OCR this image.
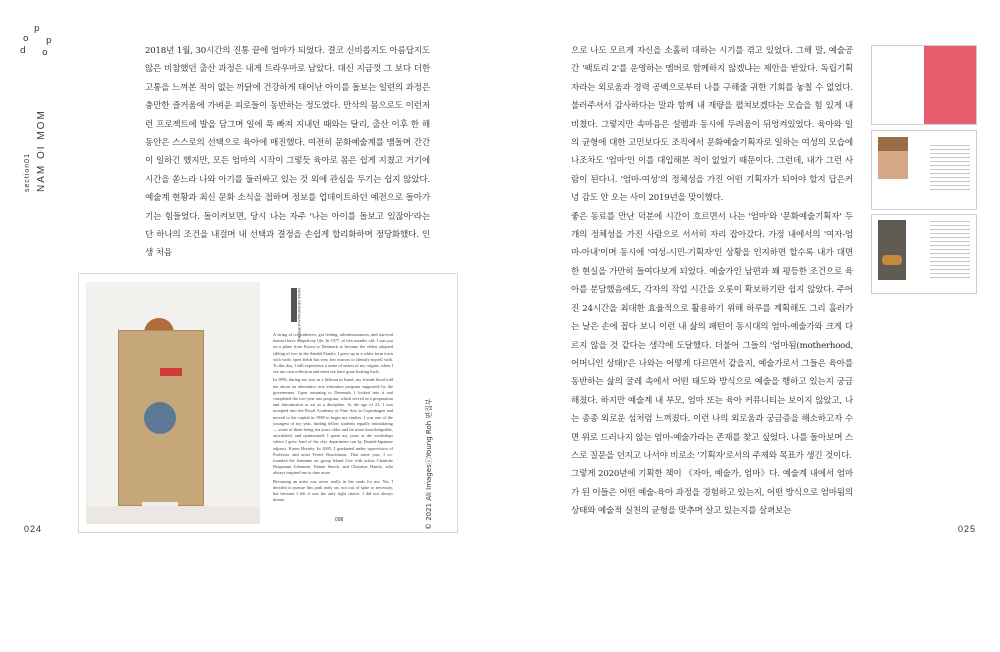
p
o p
d o
section01 NAM OI MOM

2018년 1월, 30시간의 진통 끝에 엄마가 되었다. 결코 신비롭지도 아름답지도 않은 비참했던 출산 과정은 내게 트라우마로 남았다. 대신 지금껏 그 보다 더한 고통을 느껴본 적이 없는 까닭에 건강하게 태어난 아이를 돌보는 일련의 과정은 충만한 즐거움에 가벼운 피로들이 동반하는 정도였다. 만삭의 몸으로도 이런저런 프로젝트에 발을 담그며 일에 푹 빠져 지내던 때와는 달리, 출산 이후 한 해 동안은 스스로의 선택으로 육아에 매진했다. 여전히 문화예술계를 맴돌며 간간이 일하긴 했지만, 모든 엄마의 시작이 그렇듯 육아로 몸은 쉽게 지쳤고 거기에 시간을 쏟느라 나와 아기를 둘러싸고 있는 것 외에 관심을 두기는 쉽지 않았다. 예술계 현황과 최신 문화 소식을 접하며 정보를 업데이트하던 예전으로 돌아가기는 힘들었다. 돌이켜보면, 당시 나는 자주 '나는 아이를 돌보고 있잖아'라는 단 하나의 조건을 내걸며 내 선택과 결정을 손쉽게 합리화하며 정당화했다. 인생 처음

HANA SENNEMAN KIRKEBY

A string of coincidences, gut feeling, adventurousness, and survival instinct have shaped my life. In 1977, at five months old, I was put on a plane from Korea to Denmark to become the oldest adopted sibling of two in the Sandal Family. I grew up in a white farm town with wide, open fields but very few mirrors to identify myself with. To this day, I still experience a sense of unrest of my origins, when I see my own reflection and meet see have gone looking back.

In 1996, during my stay as a lifeboat in Israel, my friends hired told me about an alternative arts education program supported by the government. Upon returning to Denmark, I looked into it and completed the two-year arts program, which served as a preparation and introduction to art as a discipline. At the age of 23, I was accepted into the Royal Academy of Fine Arts in Copenhagen and moved to the capital in 1998 to begin my studies. I was one of the youngest of my year, finding fellow students equally intimidating — some of them being ten years older and far more knowledgeable, articulated, and opinionated. I spent my years at the workshops where I grew fond of the clay department run by Danish-Japanese adjunct, Karen Hornby. In 2005, I graduated under supervision of Professor and artist Yvette Bouchtaoui. That same year, I co-founded the feminine art group Island Life with artists Charlotte Bergmann Johansen, Nanna Starck, and Christina Hanitz, who always inspired me to dare more.

Becoming an artist was never really in the cards for me. Yet, I decided to pursue this path early on, not out of spite or necessity, but because I felt it was the only right choice. I did not always dream

098	© 2021 Ali ImagesⓒYoung Roh 편집부
024

으로 나도 모르게 자신을 소홀히 대하는 시기를 겪고 있었다. 그해 말, 예술공간 '팩토리 2'를 운영하는 멤버로 함께하지 않겠냐는 제안을 받았다. 독립기획자라는 외로움과 경력 공백으로부터 나를 구해줄 귀한 기회를 놓칠 수 없었다. 불러주셔서 감사하다는 말과 함께 내 재량을 펼쳐보겠다는 모습을 힘 있게 내비쳤다. 그렇지만 속마음은 설렘과 동시에 두려움이 뒤엉켜있었다. 육아와 일의 균형에 대한 고민보다도 조직에서 문화예술기획자로 일하는 여성의 모습에 나조차도 '엄마'인 이를 대입해본 적이 없었기 때문이다. 그런데, 내가 그런 사람이 된다니. '엄마-여성'의 정체성을 가진 어떤 기획자가 되어야 할지 답은커녕 감도 안 오는 사이 2019년을 맞이했다.

좋은 동료를 만난 덕분에 시간이 흐르면서 나는 '엄마'와 '문화예술기획자' 두 개의 정체성을 가진 사람으로 서서히 자리 잡아갔다. 가정 내에서의 '여자-엄마-아내'이며 동시에 '여성-시민-기획자'인 상황을 인지하면 할수록 내가 대면한 현실을 가만히 들여다보게 되었다. 예술가인 남편과 꽤 평등한 조건으로 육아를 분담했음에도, 각자의 작업 시간을 오롯이 확보하기란 쉽지 않았다. 주어진 24시간을 최대한 효율적으로 활용하기 위해 하루를 계획해도 그리 흘러가는 날은 손에 꼽다 보니 이런 내 삶의 패턴이 동시대의 엄마-예술가와 크게 다르지 않을 것 같다는 생각에 도달했다. 더불어 그들의 '엄마됨(motherhood, 어머니인 상태)'은 나와는 어떻게 다르면서 같을지, 예술가로서 그들은 육아를 동반하는 삶의 굴레 속에서 어떤 태도와 방식으로 예술을 행하고 있는지 궁금해졌다. 하지만 예술계 내 부모, 엄마 또는 육아 커뮤니티는 보이지 않았고, 나는 종종 외로운 섬처럼 느껴졌다. 이런 나의 외로움과 궁금증을 해소하고자 수면 위로 드러나지 않는 엄마-예술가라는 존재를 찾고 싶었다. 나를 돌아보며 스스로 질문을 던지고 나서야 비로소 '기획자'로서의 주제와 목표가 생긴 것이다.

그렇게 2020년에 기획한 책이 《자아, 예술가, 엄마》다. 예술계 내에서 엄마가 된 이들은 어떤 예술-육아 과정을 경험하고 있는지, 어떤 방식으로 엄마됨의 상태와 예술적 실천의 균형을 맞추며 살고 있는지를 살펴보는

025
